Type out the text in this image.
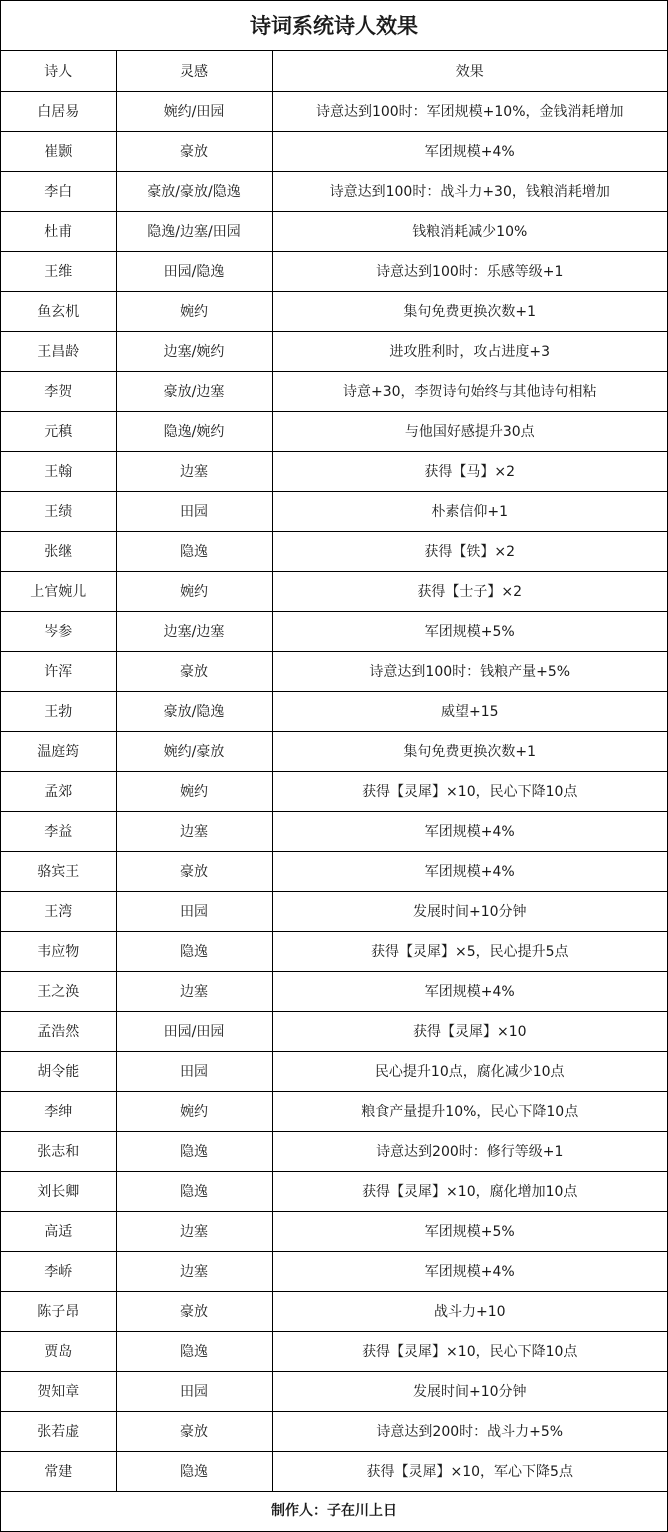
诗词系统诗人效果
诗人	灵感	效果
白居易	婉约/田园	诗意达到100时：军团规模+10%，金钱消耗增加
崔颢	豪放	军团规模+4%
李白	豪放/豪放/隐逸	诗意达到100时：战斗力+30，钱粮消耗增加
杜甫	隐逸/边塞/田园	钱粮消耗减少10%
王维	田园/隐逸	诗意达到100时：乐感等级+1
鱼玄机	婉约	集句免费更换次数+1
王昌龄	边塞/婉约	进攻胜利时，攻占进度+3
李贺	豪放/边塞	诗意+30，李贺诗句始终与其他诗句相粘
元稹	隐逸/婉约	与他国好感提升30点
王翰	边塞	获得【马】×2
王绩	田园	朴素信仰+1
张继	隐逸	获得【铁】×2
上官婉儿	婉约	获得【士子】×2
岑参	边塞/边塞	军团规模+5%
许浑	豪放	诗意达到100时：钱粮产量+5%
王勃	豪放/隐逸	威望+15
温庭筠	婉约/豪放	集句免费更换次数+1
孟郊	婉约	获得【灵犀】×10，民心下降10点
李益	边塞	军团规模+4%
骆宾王	豪放	军团规模+4%
王湾	田园	发展时间+10分钟
韦应物	隐逸	获得【灵犀】×5，民心提升5点
王之涣	边塞	军团规模+4%
孟浩然	田园/田园	获得【灵犀】×10
胡令能	田园	民心提升10点，腐化减少10点
李绅	婉约	粮食产量提升10%，民心下降10点
张志和	隐逸	诗意达到200时：修行等级+1
刘长卿	隐逸	获得【灵犀】×10，腐化增加10点
高适	边塞	军团规模+5%
李峤	边塞	军团规模+4%
陈子昂	豪放	战斗力+10
贾岛	隐逸	获得【灵犀】×10，民心下降10点
贺知章	田园	发展时间+10分钟
张若虚	豪放	诗意达到200时：战斗力+5%
常建	隐逸	获得【灵犀】×10，军心下降5点
制作人：子在川上日
